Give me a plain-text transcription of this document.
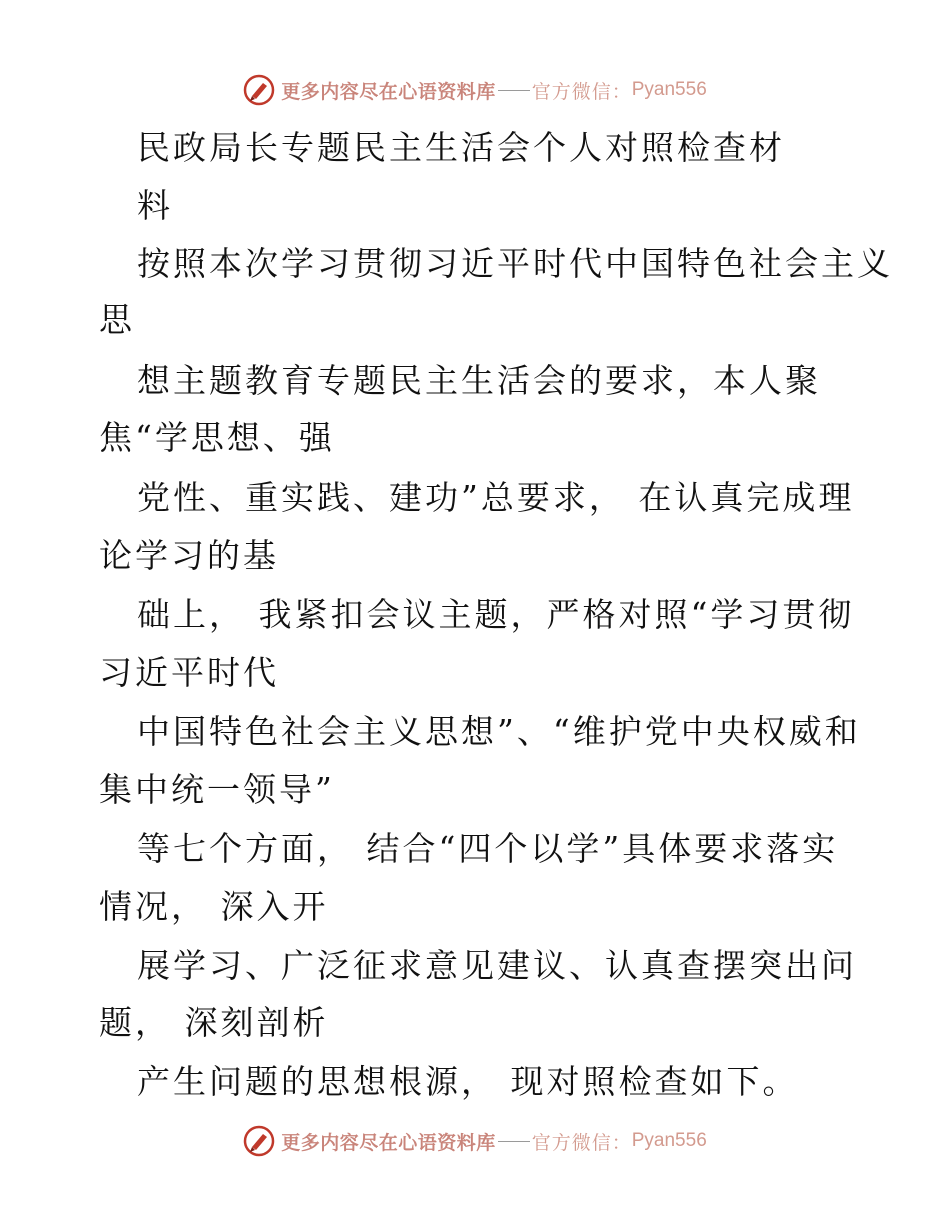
更多内容尽在心语资料库 官方微信： Pyan556
民政局长专题民主生活会个人对照检查材
料
按照本次学习贯彻习近平时代中国特色社会主义
思
想主题教育专题民主生活会的要求，本人聚
焦“学思想、强
党性、重实践、建功”总要求， 在认真完成理
论学习的基
础上， 我紧扣会议主题，严格对照“学习贯彻
习近平时代
中国特色社会主义思想”、“维护党中央权威和
集中统一领导”
等七个方面， 结合“四个以学”具体要求落实
情况， 深入开
展学习、广泛征求意见建议、认真查摆突出问
题， 深刻剖析
产生问题的思想根源， 现对照检查如下。
更多内容尽在心语资料库 官方微信： Pyan556
